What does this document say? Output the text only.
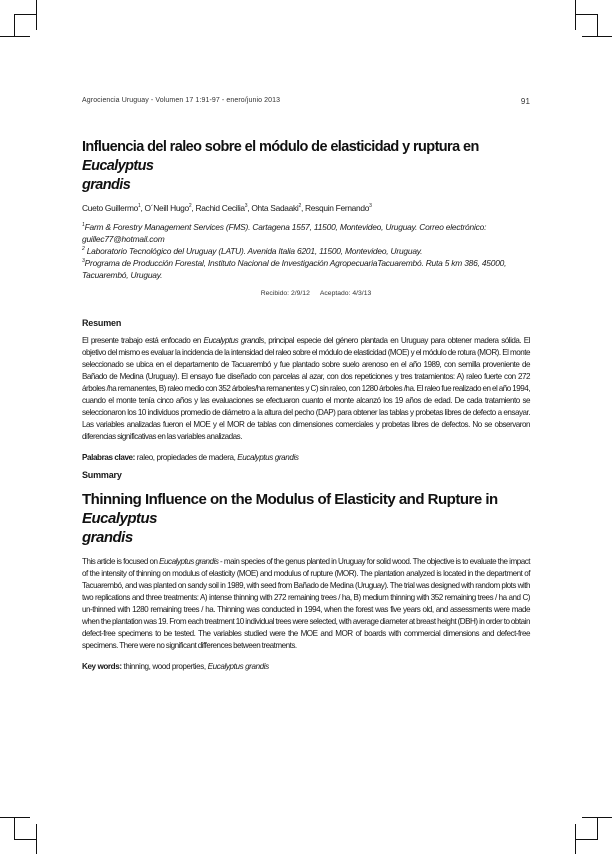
Agrociencia Uruguay - Volumen 17 1:91-97 - enero/junio 2013	91
Influencia del raleo sobre el módulo de elasticidad y ruptura en Eucalyptus
grandis
Cueto Guillermo$^1$, O´Neill Hugo$^2$, Rachid Cecilia$^3$, Ohta Sadaaki$^2$, Resquin Fernando$^3$

$^1$Farm & Forestry Management Services (FMS). Cartagena 1557, 11500, Montevideo, Uruguay. Correo electrónico:
guillec77@hotmail.com

$^2$ Laboratorio Tecnológico del Uruguay (LATU). Avenida Italia 6201, 11500, Montevideo, Uruguay.

$^3$Programa de Producción Forestal, Instituto Nacional de Investigación AgropecuariaTacuarembó. Ruta 5 km 386, 45000, Tacuarembó, Uruguay.

Recibido: 2/9/12 Aceptado: 4/3/13
Resumen
El presente trabajo está enfocado en Eucalyptus grandis, principal especie del género plantada en Uruguay para obtener madera sólida. El objetivo del mismo es evaluar la incidencia de la intensidad del raleo sobre el módulo de elasticidad (MOE) y el módulo de rotura (MOR). El monte seleccionado se ubica en el departamento de Tacuarembó y fue plantado sobre suelo arenoso en el año 1989, con semilla proveniente de Bañado de Medina (Uruguay). El ensayo fue diseñado con parcelas al azar, con dos repeticiones y tres tratamientos: A) raleo fuerte con 272 árboles /ha remanentes, B) raleo medio con 352 árboles/ha remanentes y C) sin raleo, con 1280 árboles /ha. El raleo fue realizado en el año 1994, cuando el monte tenía cinco años y las evaluaciones se efectuaron cuanto el monte alcanzó los 19 años de edad. De cada tratamiento se seleccionaron los 10 individuos promedio de diámetro a la altura del pecho (DAP) para obtener las tablas y probetas libres de defecto a ensayar. Las variables analizadas fueron el MOE y el MOR de tablas con dimensiones comerciales y probetas libres de defectos. No se observaron diferencias significativas en las variables analizadas.
Palabras clave: raleo, propiedades de madera, Eucalyptus grandis
Summary
Thinning Influence on the Modulus of Elasticity and Rupture in Eucalyptus
grandis
This article is focused on Eucalyptus grandis - main species of the genus planted in Uruguay for solid wood. The objective is to evaluate the impact of the intensity of thinning on modulus of elasticity (MOE) and modulus of rupture (MOR). The plantation analyzed is located in the department of Tacuarembó, and was planted on sandy soil in 1989, with seed from Bañado de Medina (Uruguay). The trial was designed with random plots with two replications and three treatments: A) intense thinning with 272 remaining trees / ha, B) medium thinning with 352 remaining trees / ha and C) un-thinned with 1280 remaining trees / ha. Thinning was conducted in 1994, when the forest was five years old, and assessments were made when the plantation was 19. From each treatment 10 individual trees were selected, with average diameter at breast height (DBH) in order to obtain defect-free specimens to be tested. The variables studied were the MOE and MOR of boards with commercial dimensions and defect-free specimens. There were no significant differences between treatments.
Key words: thinning, wood properties, Eucalyptus grandis
